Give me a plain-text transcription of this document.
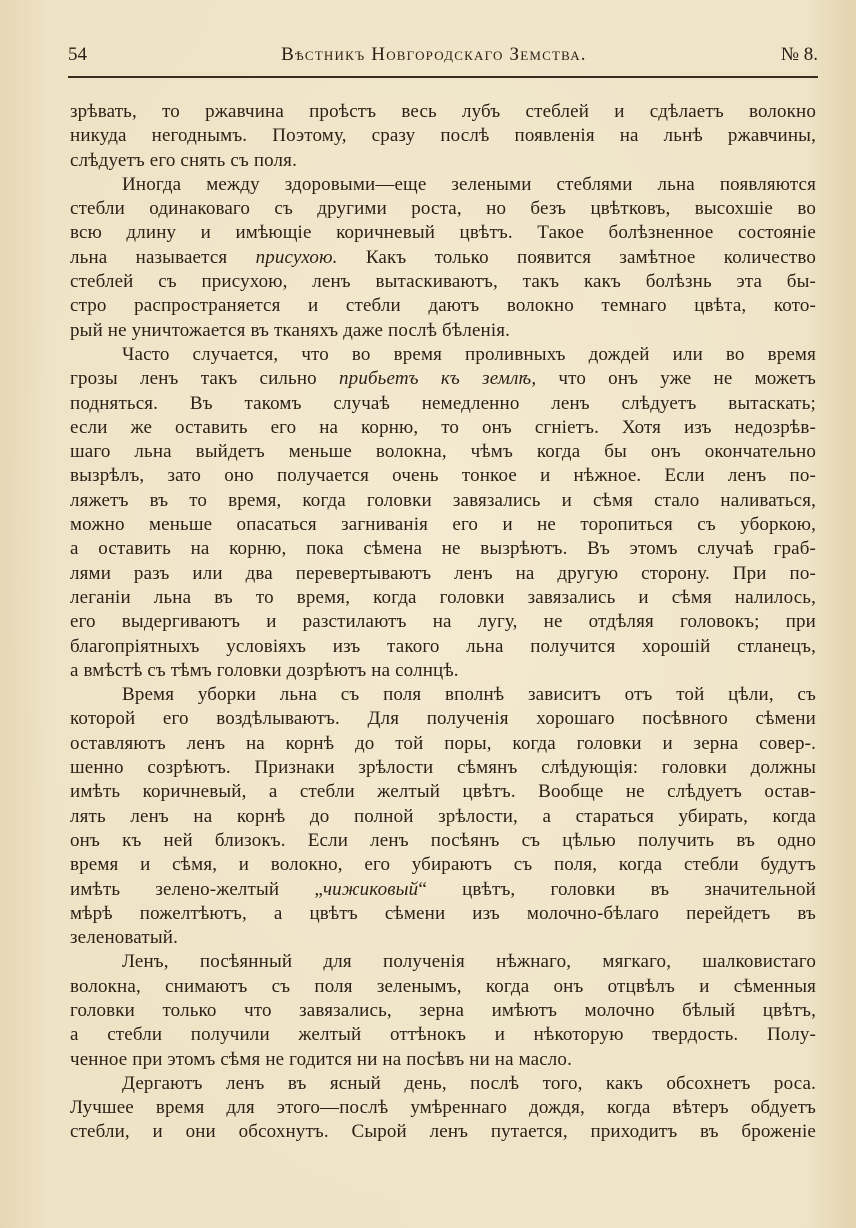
54	Вѣстникъ Новгородскаго Земства.	№ 8.

зрѣвать, то ржавчина проѣстъ весь лубъ стеблей и сдѣлаетъ волокно
никуда негоднымъ. Поэтому, сразу послѣ появленія на льнѣ ржавчины,
слѣдуетъ его снять съ поля.

Иногда между здоровыми—еще зелеными стеблями льна появляются
стебли одинаковаго съ другими роста, но безъ цвѣтковъ, высохшіе во
всю длину и имѣющіе коричневый цвѣтъ. Такое болѣзненное состояніе
льна называется присухою. Какъ только появится замѣтное количество
стеблей съ присухою, ленъ вытаскиваютъ, такъ какъ болѣзнь эта бы-
стро распространяется и стебли даютъ волокно темнаго цвѣта, кото-
рый не уничтожается въ тканяхъ даже послѣ бѣленія.

Часто случается, что во время проливныхъ дождей или во время
грозы ленъ такъ сильно прибьетъ къ землѣ, что онъ уже не можетъ
подняться. Въ такомъ случаѣ немедленно ленъ слѣдуетъ вытаскать;
если же оставить его на корню, то онъ сгніетъ. Хотя изъ недозрѣв-
шаго льна выйдетъ меньше волокна, чѣмъ когда бы онъ окончательно
вызрѣлъ, зато оно получается очень тонкое и нѣжное. Если ленъ по-
ляжетъ въ то время, когда головки завязались и сѣмя стало наливаться,
можно меньше опасаться загниванія его и не торопиться съ уборкою,
а оставить на корню, пока сѣмена не вызрѣютъ. Въ этомъ случаѣ граб-
лями разъ или два перевертываютъ ленъ на другую сторону. При по-
леганіи льна въ то время, когда головки завязались и сѣмя налилось,
его выдергиваютъ и разстилаютъ на лугу, не отдѣляя головокъ; при
благопріятныхъ условіяхъ изъ такого льна получится хорошій стланецъ,
а вмѣстѣ съ тѣмъ головки дозрѣютъ на солнцѣ.

Время уборки льна съ поля вполнѣ зависитъ отъ той цѣли, съ
которой его воздѣлываютъ. Для полученія хорошаго посѣвного сѣмени
оставляютъ ленъ на корнѣ до той поры, когда головки и зерна совер-.
шенно созрѣютъ. Признаки зрѣлости сѣмянъ слѣдующія: головки должны
имѣть коричневый, а стебли желтый цвѣтъ. Вообще не слѣдуетъ остав-
лять ленъ на корнѣ до полной зрѣлости, а стараться убирать, когда
онъ къ ней близокъ. Если ленъ посѣянъ съ цѣлью получить въ одно
время и сѣмя, и волокно, его убираютъ съ поля, когда стебли будутъ
имѣть зелено-желтый „чижиковый“ цвѣтъ, головки въ значительной
мѣрѣ пожелтѣютъ, а цвѣтъ сѣмени изъ молочно-бѣлаго перейдетъ въ
зеленоватый.

Ленъ, посѣянный для полученія нѣжнаго, мягкаго, шалковистаго
волокна, снимаютъ съ поля зеленымъ, когда онъ отцвѣлъ и сѣменныя
головки только что завязались, зерна имѣютъ молочно бѣлый цвѣтъ,
а стебли получили желтый оттѣнокъ и нѣкоторую твердость. Полу-
ченное при этомъ сѣмя не годится ни на посѣвъ ни на масло.

Дергаютъ ленъ въ ясный день, послѣ того, какъ обсохнетъ роса.
Лучшее время для этого—послѣ умѣреннаго дождя, когда вѣтеръ обдуетъ
стебли, и они обсохнутъ. Сырой ленъ путается, приходитъ въ броженіе
